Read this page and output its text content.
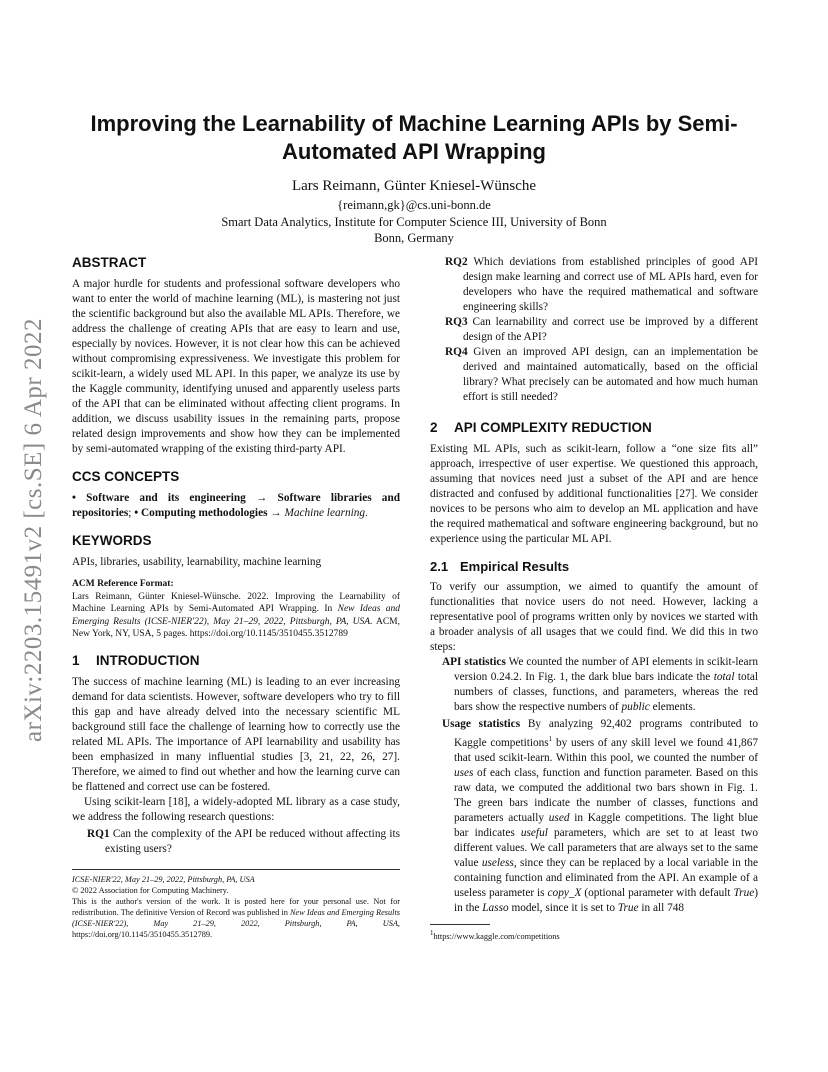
arXiv:2203.15491v2 [cs.SE] 6 Apr 2022
Improving the Learnability of Machine Learning APIs by Semi-Automated API Wrapping
Lars Reimann, Günter Kniesel-Wünsche
{reimann,gk}@cs.uni-bonn.de
Smart Data Analytics, Institute for Computer Science III, University of Bonn
Bonn, Germany
ABSTRACT

A major hurdle for students and professional software developers who want to enter the world of machine learning (ML), is mastering not just the scientific background but also the available ML APIs. Therefore, we address the challenge of creating APIs that are easy to learn and use, especially by novices. However, it is not clear how this can be achieved without compromising expressiveness. We investigate this problem for scikit-learn, a widely used ML API. In this paper, we analyze its use by the Kaggle community, identifying unused and apparently useless parts of the API that can be eliminated without affecting client programs. In addition, we discuss usability issues in the remaining parts, propose related design improvements and show how they can be implemented by semi-automated wrapping of the existing third-party API.

CCS CONCEPTS

• Software and its engineering → Software libraries and repositories; • Computing methodologies → Machine learning.

KEYWORDS

APIs, libraries, usability, learnability, machine learning

ACM Reference Format:

Lars Reimann, Günter Kniesel-Wünsche. 2022. Improving the Learnability of Machine Learning APIs by Semi-Automated API Wrapping. In New Ideas and Emerging Results (ICSE-NIER'22), May 21–29, 2022, Pittsburgh, PA, USA. ACM, New York, NY, USA, 5 pages. https://doi.org/10.1145/3510455.3512789

1 INTRODUCTION

The success of machine learning (ML) is leading to an ever increasing demand for data scientists. However, software developers who try to fill this gap and have already delved into the necessary scientific ML background still face the challenge of learning how to correctly use the related ML APIs. The importance of API learnability and usability has been emphasized in many influential studies [3, 21, 22, 26, 27]. Therefore, we aimed to find out whether and how the learning curve can be flattened and correct use can be fostered.

Using scikit-learn [18], a widely-adopted ML library as a case study, we address the following research questions:

RQ1 Can the complexity of the API be reduced without affecting its existing users?
ICSE-NIER'22, May 21–29, 2022, Pittsburgh, PA, USA
© 2022 Association for Computing Machinery.
This is the author's version of the work. It is posted here for your personal use. Not for redistribution. The definitive Version of Record was published in New Ideas and Emerging Results (ICSE-NIER'22), May 21–29, 2022, Pittsburgh, PA, USA, https://doi.org/10.1145/3510455.3512789.
RQ2 Which deviations from established principles of good API design make learning and correct use of ML APIs hard, even for developers who have the required mathematical and software engineering skills?
RQ3 Can learnability and correct use be improved by a different design of the API?
RQ4 Given an improved API design, can an implementation be derived and maintained automatically, based on the official library? What precisely can be automated and how much human effort is still needed?
2 API COMPLEXITY REDUCTION

Existing ML APIs, such as scikit-learn, follow a “one size fits all” approach, irrespective of user expertise. We questioned this approach, assuming that novices need just a subset of the API and are hence distracted and confused by additional functionalities [27]. We consider novices to be persons who aim to develop an ML application and have the required mathematical and software engineering background, but no experience using the particular ML API.

2.1 Empirical Results

To verify our assumption, we aimed to quantify the amount of functionalities that novice users do not need. However, lacking a representative pool of programs written only by novices we started with a broader analysis of all usages that we could find. We did this in two steps:

API statistics We counted the number of API elements in scikit-learn version 0.24.2. In Fig. 1, the dark blue bars indicate the total total numbers of classes, functions, and parameters, whereas the red bars show the respective numbers of public elements.
Usage statistics By analyzing 92,402 programs contributed to Kaggle competitions$^1$ by users of any skill level we found 41,867 that used scikit-learn. Within this pool, we counted the number of uses of each class, function and function parameter. Based on this raw data, we computed the additional two bars shown in Fig. 1. The green bars indicate the number of classes, functions and parameters actually used in Kaggle competitions. The light blue bar indicates useful parameters, which are set to at least two different values. We call parameters that are always set to the same value useless, since they can be replaced by a local variable in the containing function and eliminated from the API. An example of a useless parameter is copy_X (optional parameter with default True) in the Lasso model, since it is set to True in all 748
$^1$https://www.kaggle.com/competitions
